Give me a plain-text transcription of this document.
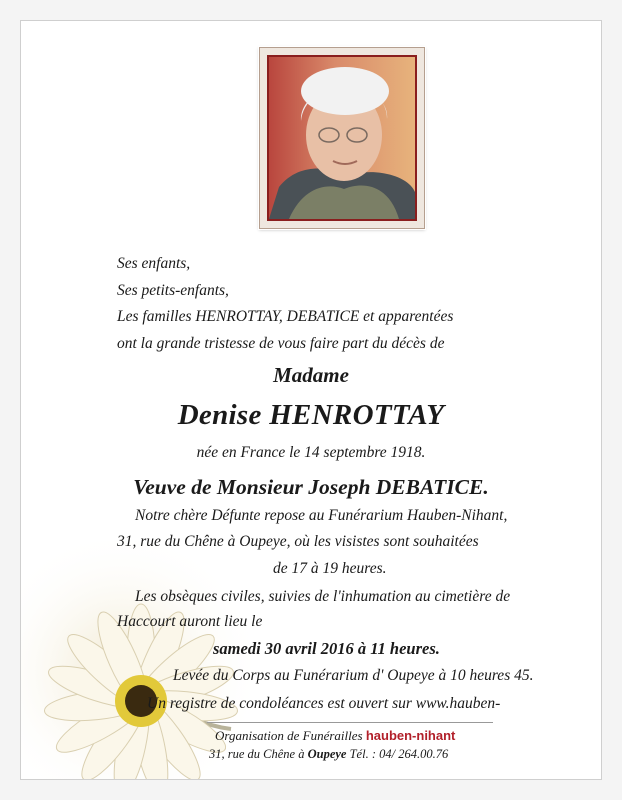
Ses enfants,
Ses petits-enfants,
Les familles HENROTTAY, DEBATICE et apparentées
ont la grande tristesse de vous faire part du décès de
Madame
Denise HENROTTAY
née en France le 14 septembre 1918.
Veuve de Monsieur Joseph DEBATICE.
Notre chère Défunte repose au Funérarium Hauben-Nihant,
31, rue du Chêne à Oupeye, où les visistes sont souhaitées
de 17 à 19 heures.
Les obsèques civiles, suivies de l'inhumation au cimetière de
Haccourt auront lieu le
samedi 30 avril 2016 à 11 heures.
Levée du Corps au Funérarium d' Oupeye à 10 heures 45.
Un registre de condoléances est ouvert sur www.hauben-
Organisation de Funérailles hauben-nihant
31, rue du Chêne à Oupeye Tél. : 04/ 264.00.76
